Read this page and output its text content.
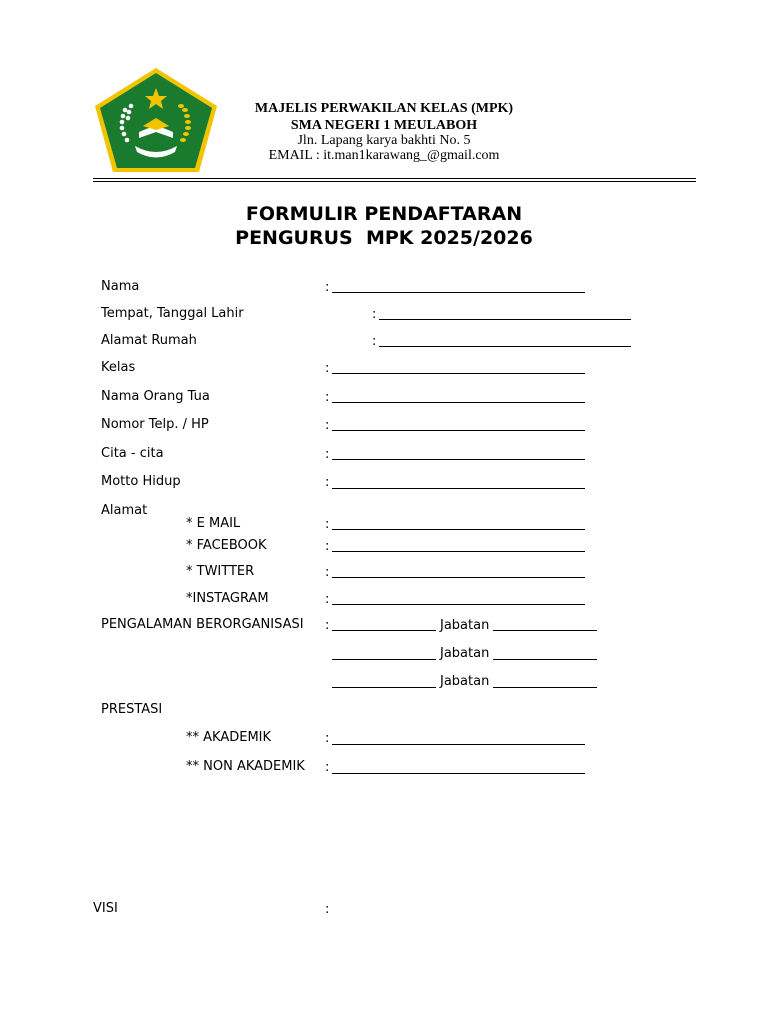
MAJELIS PERWAKILAN KELAS (MPK)
SMA NEGERI 1 MEULABOH
Jln. Lapang karya bakhti No. 5
EMAIL : it.man1karawang_@gmail.com
FORMULIR PENDAFTARAN
PENGURUS  MPK 2025/2026
Nama	:
Tempat, Tanggal Lahir	:
Alamat Rumah	:
Kelas	:
Nama Orang Tua	:
Nomor Telp. / HP	:
Cita - cita	:
Motto Hidup	:
Alamat
* E MAIL	:
* FACEBOOK	:
* TWITTER	:
*INSTAGRAM	:
PENGALAMAN BERORGANISASI :	Jabatan
Jabatan
Jabatan
PRESTASI
** AKADEMIK	:
** NON AKADEMIK :
VISI	:
